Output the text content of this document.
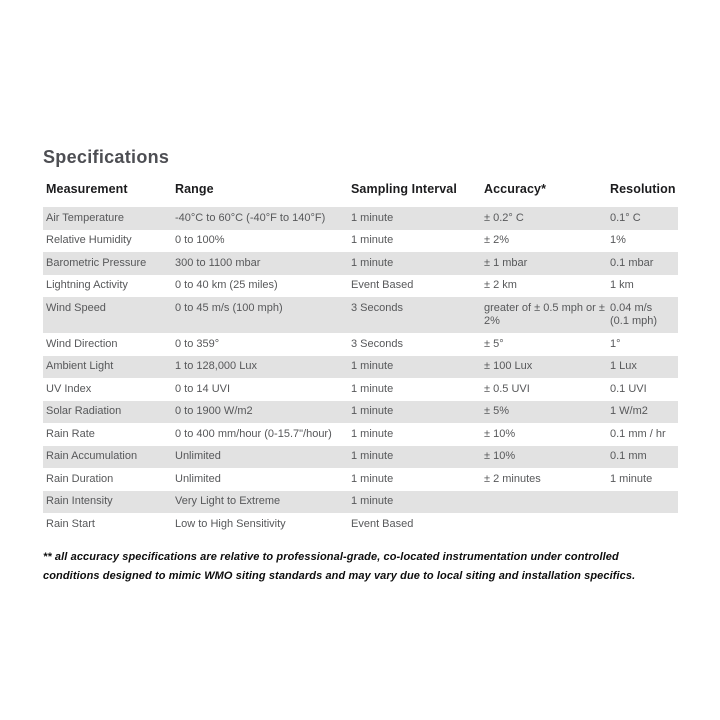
Specifications
Measurement	Range	Sampling Interval	Accuracy*	Resolution
Air Temperature	-40°C to 60°C (-40°F to 140°F)	1 minute	± 0.2° C	0.1° C
Relative Humidity	0 to 100%	1 minute	± 2%	1%
Barometric Pressure	300 to 1100 mbar	1 minute	± 1 mbar	0.1 mbar
Lightning Activity	0 to 40 km (25 miles)	Event Based	± 2 km	1 km
Wind Speed	0 to 45 m/s (100 mph)	3 Seconds	greater of ± 0.5 mph or ± 2%	0.04 m/s (0.1 mph)
Wind Direction	0 to 359°	3 Seconds	± 5°	1°
Ambient Light	1 to 128,000 Lux	1 minute	± 100 Lux	1 Lux
UV Index	0 to 14 UVI	1 minute	± 0.5 UVI	0.1 UVI
Solar Radiation	0 to 1900 W/m2	1 minute	± 5%	1 W/m2
Rain Rate	0 to 400 mm/hour (0-15.7"/hour)	1 minute	± 10%	0.1 mm / hr
Rain Accumulation	Unlimited	1 minute	± 10%	0.1 mm
Rain Duration	Unlimited	1 minute	± 2 minutes	1 minute
Rain Intensity	Very Light to Extreme	1 minute		
Rain Start	Low to High Sensitivity	Event Based		

** all accuracy specifications are relative to professional-grade, co-located instrumentation under controlled conditions designed to mimic WMO siting standards and may vary due to local siting and installation specifics.
